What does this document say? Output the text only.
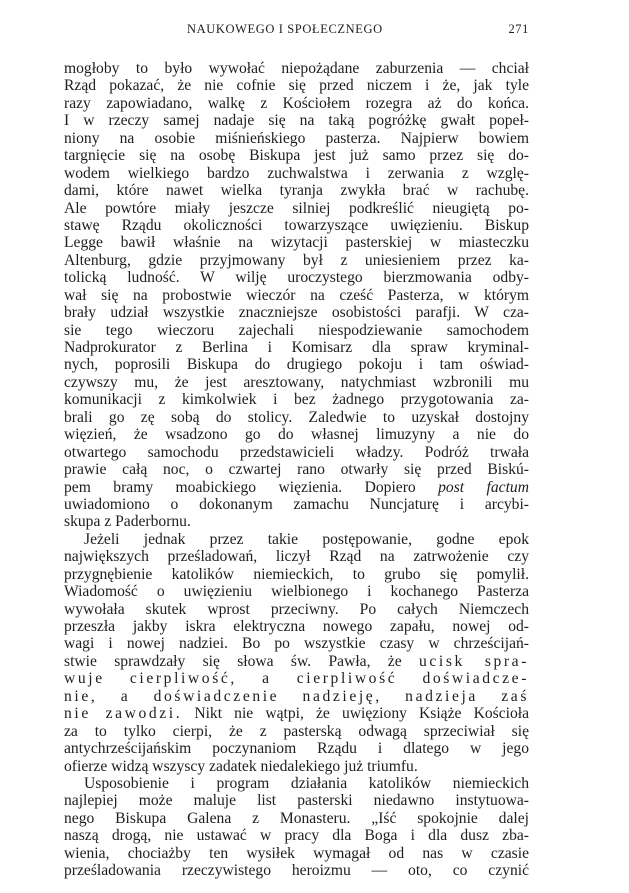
NAUKOWEGO I SPOŁECZNEGO	271
mogłoby to było wywołać niepożądane zaburzenia — chciał
Rząd pokazać, że nie cofnie się przed niczem i że, jak tyle
razy zapowiadano, walkę z Kościołem rozegra aż do końca.
I w rzeczy samej nadaje się na taką pogróżkę gwałt popeł-
niony na osobie miśnieńskiego pasterza. Najpierw bowiem
targnięcie się na osobę Biskupa jest już samo przez się do-
wodem wielkiego bardzo zuchwalstwa i zerwania z wzglę-
dami, które nawet wielka tyranja zwykła brać w rachubę.
Ale powtóre miały jeszcze silniej podkreślić nieugiętą po-
stawę Rządu okoliczności towarzyszące uwięzieniu. Biskup
Legge bawił właśnie na wizytacji pasterskiej w miasteczku
Altenburg, gdzie przyjmowany był z uniesieniem przez ka-
tolicką ludność. W wilję uroczystego bierzmowania odby-
wał się na probostwie wieczór na cześć Pasterza, w którym
brały udział wszystkie znaczniejsze osobistości parafji. W cza-
sie tego wieczoru zajechali niespodziewanie samochodem
Nadprokurator z Berlina i Komisarz dla spraw kryminal-
nych, poprosili Biskupa do drugiego pokoju i tam oświad-
czywszy mu, że jest aresztowany, natychmiast wzbronili mu
komunikacji z kimkolwiek i bez żadnego przygotowania za-
brali go zę sobą do stolicy. Zaledwie to uzyskał dostojny
więzień, że wsadzono go do własnej limuzyny a nie do
otwartego samochodu przedstawicieli władzy. Podróż trwała
prawie całą noc, o czwartej rano otwarły się przed Biskú-
pem bramy moabickiego więzienia. Dopiero post factum
uwiadomiono o dokonanym zamachu Nuncjaturę i arcybi-
skupa z Paderbornu.
Jeżeli jednak przez takie postępowanie, godne epok
największych prześladowań, liczył Rząd na zatrwożenie czy
przygnębienie katolików niemieckich, to grubo się pomylił.
Wiadomość o uwięzieniu wielbionego i kochanego Pasterza
wywołała skutek wprost przeciwny. Po całych Niemczech
przeszła jakby iskra elektryczna nowego zapału, nowej od-
wagi i nowej nadziei. Bo po wszystkie czasy w chrześcijań-
stwie sprawdzały się słowa św. Pawła, że ucisk spra-
wuje cierpliwość, a cierpliwość doświadcze-
nie, a doświadczenie nadzieję, nadzieja zaś
nie zawodzi. Nikt nie wątpi, że uwięziony Książe Kościoła
za to tylko cierpi, że z pasterską odwagą sprzeciwiał się
antychrześcijańskim poczynaniom Rządu i dlatego w jego
ofierze widzą wszyscy zadatek niedalekiego już triumfu.
Usposobienie i program działania katolików niemieckich
najlepiej może maluje list pasterski niedawno instytuowa-
nego Biskupa Galena z Monasteru. „Iść spokojnie dalej
naszą drogą, nie ustawać w pracy dla Boga i dla dusz zba-
wienia, chociażby ten wysiłek wymagał od nas w czasie
prześladowania rzeczywistego heroizmu — oto, co czynić
